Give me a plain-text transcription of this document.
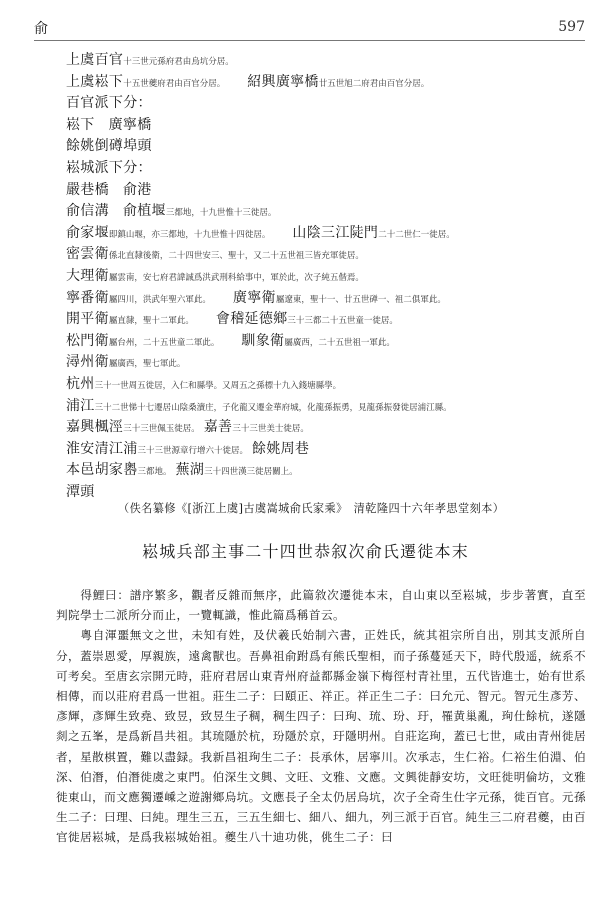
俞	597
上虞百官十三世元孫府君由烏坑分居。
上虞崧下十五世夔府君由百官分居。 紹興廣寧橋廿五世旭二府君由百官分居。
百官派下分：
崧下 廣寧橋
餘姚倒𥖁埠頭
崧城派下分：
嚴巷橋 俞港
俞信溝 俞植堰三都地，十九世惟十三徙居。
俞家堰即鎮山堰，亦三都地，十九世惟十四徙居。 山陰三江陡門二十二世仁一徙居。
密雲衛係北直隸後衛，二十四世安三、聖十，又二十五世祖三皆充軍徙居。
大理衛屬雲南，安七府君諱誠爲洪武刑科給事中，軍於此，次子純五偕焉。
寧番衛屬四川，洪武年聖六軍此。 廣寧衛屬遼東，聖十一、廿五世䃅一、祖二俱軍此。
開平衛屬直隸，聖十二軍此。 會稽延德鄉三十三都二十五世童一徙居。
松門衛屬台州，二十五世童二軍此。 馴象衛屬廣西，二十五世祖一軍此。
潯州衛屬廣西，聖七軍此。
杭州三十一世周五徙居，入仁和縣學。又周五之孫標十九入錢塘縣學。
浦江三十二世悌十七遷居山陰桑瀆庄，子化龍又遷金華府城，化龍孫振勇，見龍孫振發徙居浦江縣。
嘉興楓涇三十三世佩玉徙居。 嘉善三十三世美士徙居。
淮安清江浦三十三世源章行增六十徙居。 餘姚周巷
本邑胡家嶴三都地。 蕪湖三十四世漢三徙居關上。
潭頭
（佚名纂修《[浙江上虞]古虞嵩城俞氏家乘》　清乾隆四十六年孝思堂刻本）
崧城兵部主事二十四世恭叙次俞氏遷徙本末

得鯉曰：譜序繁多，觀者反雜而無序，此篇敘次遷徙本末，自山東以至崧城，步步著實，直至判院學士二派所分而止，一覽輒識，惟此篇爲稱首云。

粵自渾噩無文之世，未知有姓，及伏羲氏始制六書，正姓氏，統其祖宗所自出，別其支派所自分，蓋崇恩愛，厚親族，遠禽獸也。吾鼻祖俞跗爲有熊氏聖相，而子孫蔓延天下，時代殷遥，統系不可考矣。至唐玄宗開元時，莊府君居山東青州府益都縣金嶺下梅徑村青社里，五代皆進士，始有世系相傳，而以莊府君爲一世祖。莊生二子：曰頤正、祥正。祥正生二子：曰允元、智元。智元生彥芳、彥輝，彥輝生致堯、致昱，致昱生子稠，稠生四子：曰珣、琉、玢、玗，罹黄巢亂，珣仕餘杭，遂隱剡之五峯，是爲新昌共祖。其琉隱於杭，玢隱於京，玗隱明州。自莊迄珣，蓋已七世，咸由青州徙居者，星散棋置，難以盡録。我新昌祖珣生二子：長承休，居寧川。次承志，生仁裕。仁裕生伯淵、伯深、伯潛，伯潛徙虞之東門。伯深生文興、文旺、文雅、文應。文興徙靜安坊，文旺徙明倫坊，文雅徙東山，而文應獨遷嵊之遊謝鄉烏坑。文應長子全太仍居烏坑，次子全奇生仕字元孫，徙百官。元孫生二子：曰理、曰純。理生三五，三五生細七、細八、細九，列三派于百官。純生三二府君夔，由百官徙居崧城，是爲我崧城始祖。夔生八十迪功佻，佻生二子：曰
